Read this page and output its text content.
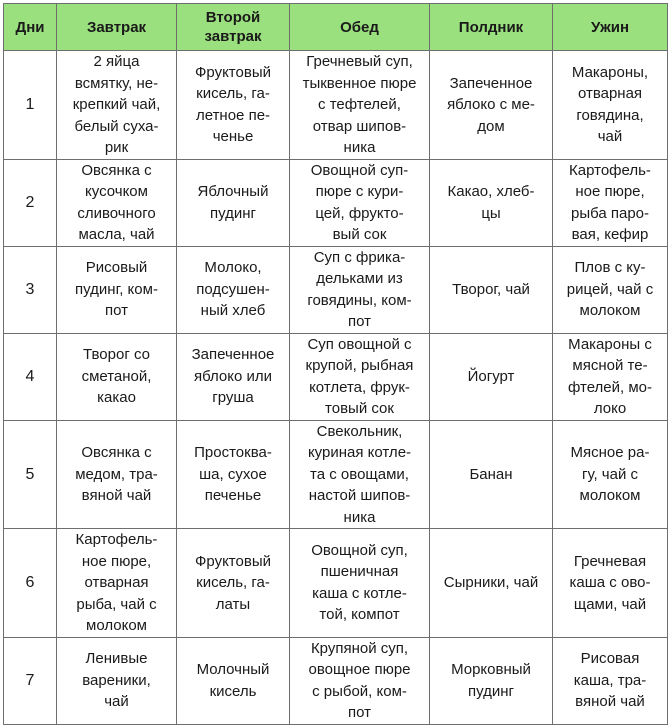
Дни	Завтрак	Второй
завтрак	Обед	Полдник	Ужин

1	2 яйца
всмятку, не-
крепкий чай,
белый суха-
рик	Фруктовый
кисель, га-
летное пе-
ченье	Гречневый суп,
тыквенное пюре
с тефтелей,
отвар шипов-
ника	Запеченное
яблоко с ме-
дом	Макароны,
отварная
говядина,
чай

2	Овсянка с
кусочком
сливочного
масла, чай	Яблочный
пудинг	Овощной суп-
пюре с кури-
цей, фрукто-
вый сок	Какао, хлеб-
цы	Картофель-
ное пюре,
рыба паро-
вая, кефир

3	Рисовый
пудинг, ком-
пот	Молоко,
подсушен-
ный хлеб	Суп с фрика-
дельками из
говядины, ком-
пот	Творог, чай	Плов с ку-
рицей, чай с
молоком

4	Творог со
сметаной,
какао	Запеченное
яблоко или
груша	Суп овощной с
крупой, рыбная
котлета, фрук-
товый сок	Йогурт	Макароны с
мясной те-
фтелей, мо-
локо

5	Овсянка с
медом, тра-
вяной чай	Простоква-
ша, сухое
печенье	Свекольник,
куриная котле-
та с овощами,
настой шипов-
ника	Банан	Мясное ра-
гу, чай с
молоком

6	Картофель-
ное пюре,
отварная
рыба, чай с
молоком	Фруктовый
кисель, га-
латы	Овощной суп,
пшеничная
каша с котле-
той, компот	Сырники, чай	Гречневая
каша с ово-
щами, чай

7	Ленивые
вареники,
чай	Молочный
кисель	Крупяной суп,
овощное пюре
с рыбой, ком-
пот	Морковный
пудинг	Рисовая
каша, тра-
вяной чай
